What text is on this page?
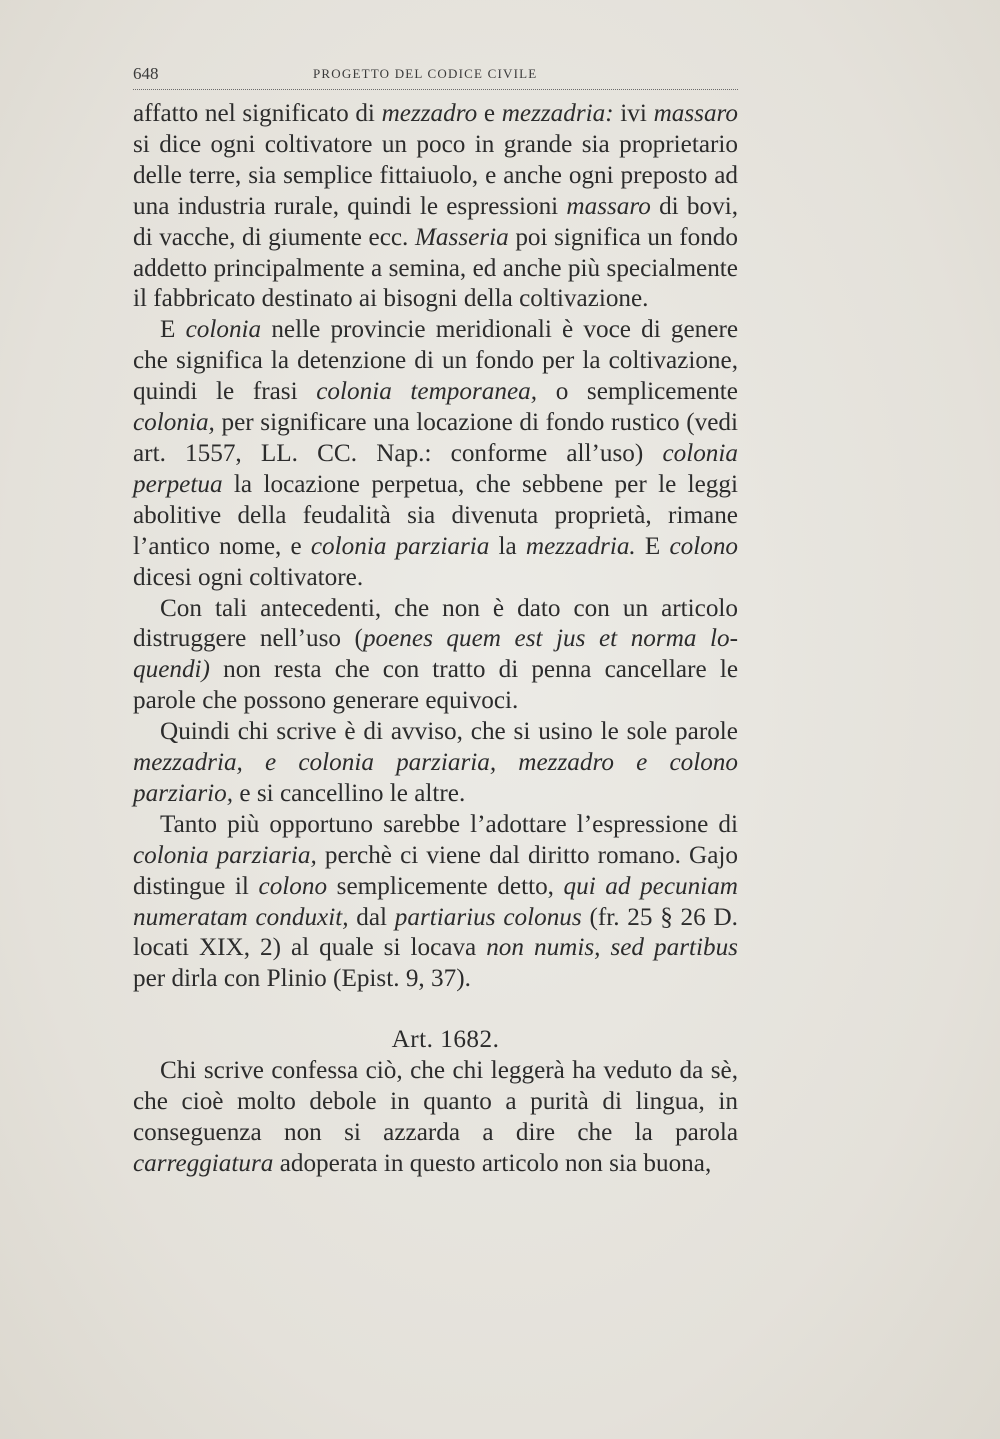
648	PROGETTO DEL CODICE CIVILE

affatto nel significato di mezzadro e mezzadria: ivi massaro si dice ogni coltivatore un poco in grande sia proprietario delle terre, sia semplice fittaiuolo, e anche ogni preposto ad una industria rurale, quindi le espressioni massaro di bovi, di vacche, di giumente ecc. Masseria poi significa un fondo addetto principalmente a semina, ed anche più specialmente il fabbricato destinato ai bisogni della coltivazione.

E colonia nelle provincie meridionali è voce di genere che significa la detenzione di un fondo per la coltivazione, quindi le frasi colonia temporanea, o semplicemente colonia, per significare una locazione di fondo rustico (vedi art. 1557, LL. CC. Nap.: conforme all’uso) colonia perpetua la locazione perpetua, che sebbene per le leggi abolitive della feudalità sia divenuta proprietà, rimane l’antico nome, e colonia parziaria la mezzadria. E colono dicesi ogni coltivatore.

Con tali antecedenti, che non è dato con un articolo distruggere nell’uso (poenes quem est jus et norma loquendi) non resta che con tratto di penna cancellare le parole che possono generare equivoci.

Quindi chi scrive è di avviso, che si usino le sole parole mezzadria, e colonia parziaria, mezzadro e colono parziario, e si cancellino le altre.

Tanto più opportuno sarebbe l’adottare l’espressione di colonia parziaria, perchè ci viene dal diritto romano. Gajo distingue il colono semplicemente detto, qui ad pecuniam numeratam conduxit, dal partiarius colonus (fr. 25 § 26 D. locati XIX, 2) al quale si locava non numis, sed partibus per dirla con Plinio (Epist. 9, 37).

Art. 1682.

Chi scrive confessa ciò, che chi leggerà ha veduto da sè, che cioè molto debole in quanto a purità di lingua, in conseguenza non si azzarda a dire che la parola carreggiatura adoperata in questo articolo non sia buona,
